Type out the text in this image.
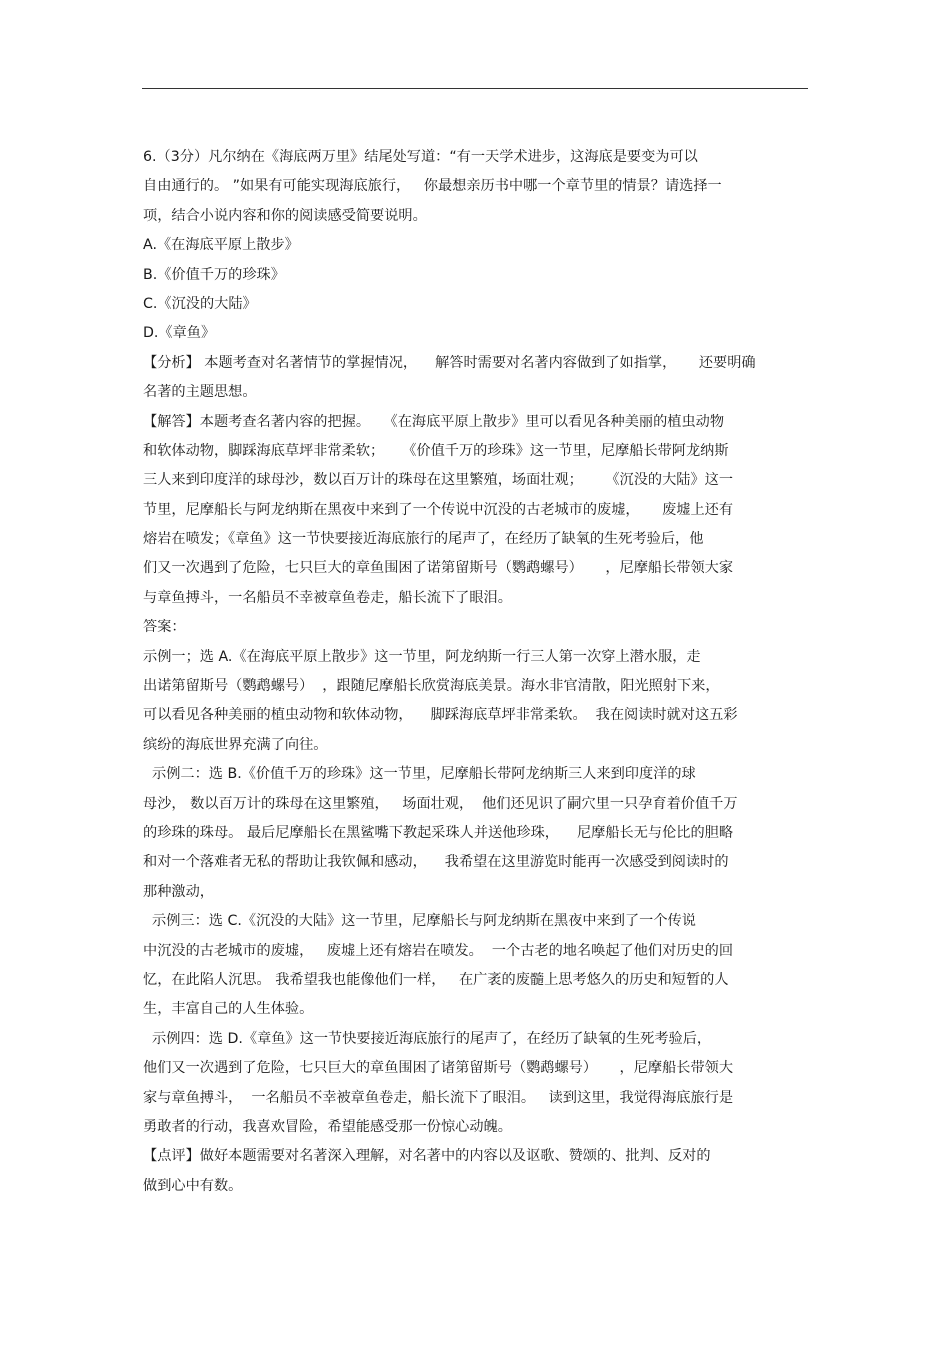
6.（3分）凡尔纳在《海底两万里》结尾处写道：“有一天学术进步，这海底是要变为可以
自由通行的。 ”如果有可能实现海底旅行，   你最想亲历书中哪一个章节里的情景？请选择一
项，结合小说内容和你的阅读感受简要说明。
A.《在海底平原上散步》
B.《价值千万的珍珠》
C.《沉没的大陆》
D.《章鱼》
【分析】 本题考查对名著情节的掌握情况，    解答时需要对名著内容做到了如指掌，     还要明确
名著的主题思想。
【解答】本题考查名著内容的把握。   《在海底平原上散步》里可以看见各种美丽的植虫动物
和软体动物，脚踩海底草坪非常柔软；    《价值千万的珍珠》这一节里，尼摩船长带阿龙纳斯
三人来到印度洋的球母沙，数以百万计的珠母在这里繁殖，场面壮观；     《沉没的大陆》这一
节里，尼摩船长与阿龙纳斯在黑夜中来到了一个传说中沉没的古老城市的废墟，     废墟上还有
熔岩在喷发；《章鱼》这一节快要接近海底旅行的尾声了，在经历了缺氧的生死考验后，他
们又一次遇到了危险，七只巨大的章鱼围困了诺第留斯号（鹦鹉螺号）     ，尼摩船长带领大家
与章鱼搏斗，一名船员不幸被章鱼卷走，船长流下了眼泪。
答案：
示例一；选 A.《在海底平原上散步》这一节里，阿龙纳斯一行三人第一次穿上潜水服，走
出诺第留斯号（鹦鹉螺号）  ，跟随尼摩船长欣赏海底美景。海水非官清散，阳光照射下来，
可以看见各种美丽的植虫动物和软体动物，    脚踩海底草坪非常柔软。  我在阅读时就对这五彩
缤纷的海底世界充满了向往。
示例二：选 B.《价值千万的珍珠》这一节里，尼摩船长带阿龙纳斯三人来到印度洋的球
母沙， 数以百万计的珠母在这里繁殖，   场面壮观，  他们还见识了嗣穴里一只孕育着价值千万
的珍珠的珠母。 最后尼摩船长在黑鲨嘴下教起采珠人并送他珍珠，    尼摩船长无与伦比的胆略
和对一个落难者无私的帮助让我钦佩和感动，    我希望在这里游览时能再一次感受到阅读时的
那种激动，
示例三：选 C.《沉没的大陆》这一节里，尼摩船长与阿龙纳斯在黑夜中来到了一个传说
中沉没的古老城市的废墟，   废墟上还有熔岩在喷发。  一个古老的地名唤起了他们对历史的回
忆，在此陷人沉思。 我希望我也能像他们一样，   在广袤的废髓上思考悠久的历史和短暂的人
生，丰富自己的人生体验。
示例四：选 D.《章鱼》这一节快要接近海底旅行的尾声了，在经历了缺氧的生死考验后，
他们又一次遇到了危险，七只巨大的章鱼围困了诸第留斯号（鹦鹉螺号）     ，尼摩船长带领大
家与章鱼搏斗，  一名船员不幸被章鱼卷走，船长流下了眼泪。   读到这里，我觉得海底旅行是
勇敢者的行动，我喜欢冒险，希望能感受那一份惊心动魄。
【点评】做好本题需要对名著深入理解，对名著中的内容以及讴歌、赞颂的、批判、反对的
做到心中有数。
